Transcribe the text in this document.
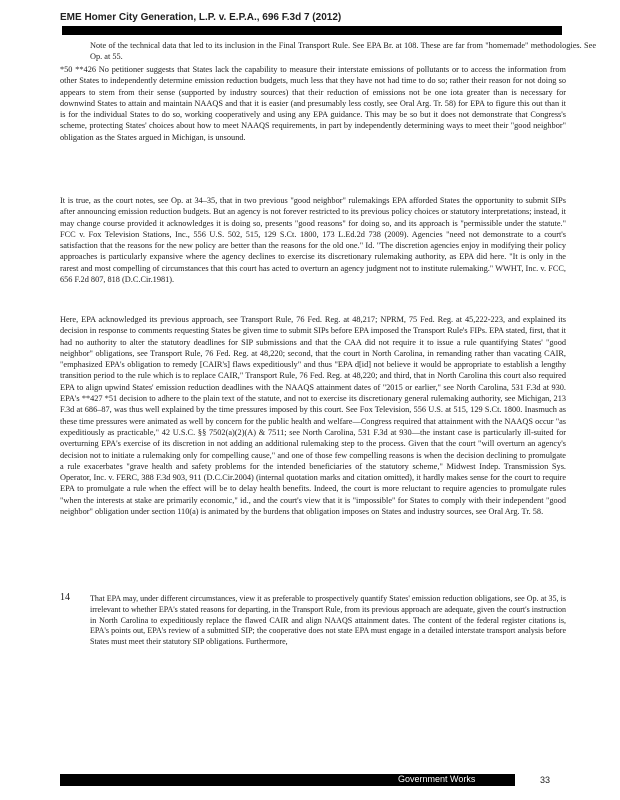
EME Homer City Generation, L.P. v. E.P.A., 696 F.3d 7 (2012)

Note of the technical data that led to its inclusion in the Final Transport Rule. See EPA Br. at 108. These are far from "homemade" methodologies. See Op. at 55.

*50 **426 No petitioner suggests that States lack the capability to measure their interstate emissions of pollutants or to access the information from other States to independently determine emission reduction budgets, much less that they have not had time to do so; rather their reason for not doing so appears to stem from their sense (supported by industry sources) that their reduction of emissions not be one iota greater than is necessary for downwind States to attain and maintain NAAQS and that it is easier (and presumably less costly, see Oral Arg. Tr. 58) for EPA to figure this out than it is for the individual States to do so, working cooperatively and using any EPA guidance. This may be so but it does not demonstrate that Congress's scheme, protecting States' choices about how to meet NAAQS requirements, in part by independently determining ways to meet their "good neighbor" obligation as the States argued in Michigan, is unsound.

It is true, as the court notes, see Op. at 34–35, that in two previous "good neighbor" rulemakings EPA afforded States the opportunity to submit SIPs after announcing emission reduction budgets. But an agency is not forever restricted to its previous policy choices or statutory interpretations; instead, it may change course provided it acknowledges it is doing so, presents "good reasons" for doing so, and its approach is "permissible under the statute." FCC v. Fox Television Stations, Inc., 556 U.S. 502, 515, 129 S.Ct. 1800, 173 L.Ed.2d 738 (2009). Agencies "need not demonstrate to a court's satisfaction that the reasons for the new policy are better than the reasons for the old one." Id. "The discretion agencies enjoy in modifying their policy approaches is particularly expansive where the agency declines to exercise its discretionary rulemaking authority, as EPA did here. "It is only in the rarest and most compelling of circumstances that this court has acted to overturn an agency judgment not to institute rulemaking." WWHT, Inc. v. FCC, 656 F.2d 807, 818 (D.C.Cir.1981).

Here, EPA acknowledged its previous approach, see Transport Rule, 76 Fed. Reg. at 48,217; NPRM, 75 Fed. Reg. at 45,222-223, and explained its decision in response to comments requesting States be given time to submit SIPs before EPA imposed the Transport Rule's FIPs. EPA stated, first, that it had no authority to alter the statutory deadlines for SIP submissions and that the CAA did not require it to issue a rule quantifying States' "good neighbor" obligations, see Transport Rule, 76 Fed. Reg. at 48,220; second, that the court in North Carolina, in remanding rather than vacating CAIR, "emphasized EPA's obligation to remedy [CAIR's] flaws expeditiously" and thus "EPA d[id] not believe it would be appropriate to establish a lengthy transition period to the rule which is to replace CAIR," Transport Rule, 76 Fed. Reg. at 48,220; and third, that in North Carolina this court also required EPA to align upwind States' emission reduction deadlines with the NAAQS attainment dates of "2015 or earlier," see North Carolina, 531 F.3d at 930. EPA's **427 *51 decision to adhere to the plain text of the statute, and not to exercise its discretionary general rulemaking authority, see Michigan, 213 F.3d at 686–87, was thus well explained by the time pressures imposed by this court. See Fox Television, 556 U.S. at 515, 129 S.Ct. 1800. Inasmuch as these time pressures were animated as well by concern for the public health and welfare—Congress required that attainment with the NAAQS occur "as expeditiously as practicable," 42 U.S.C. §§ 7502(a)(2)(A) & 7511; see North Carolina, 531 F.3d at 930—the instant case is particularly ill-suited for overturning EPA's exercise of its discretion in not adding an additional rulemaking step to the process. Given that the court "will overturn an agency's decision not to initiate a rulemaking only for compelling cause," and one of those few compelling reasons is when the decision declining to promulgate a rule exacerbates "grave health and safety problems for the intended beneficiaries of the statutory scheme," Midwest Indep. Transmission Sys. Operator, Inc. v. FERC, 388 F.3d 903, 911 (D.C.Cir.2004) (internal quotation marks and citation omitted), it hardly makes sense for the court to require EPA to promulgate a rule when the effect will be to delay health benefits. Indeed, the court is more reluctant to require agencies to promulgate rules "when the interests at stake are primarily economic," id., and the court's view that it is "impossible" for States to comply with their independent "good neighbor" obligation under section 110(a) is animated by the burdens that obligation imposes on States and industry sources, see Oral Arg. Tr. 58.

14	That EPA may, under different circumstances, view it as preferable to prospectively quantify States' emission reduction obligations, see Op. at 35, is irrelevant to whether EPA's stated reasons for departing, in the Transport Rule, from its previous approach are adequate, given the court's instruction in North Carolina to expeditiously replace the flawed CAIR and align NAAQS attainment dates. The content of the federal register citations is, EPA's points out, EPA's review of a submitted SIP; the cooperative does not state EPA must engage in a detailed interstate transport analysis before States must meet their statutory SIP obligations. Furthermore,

Government Works	33
